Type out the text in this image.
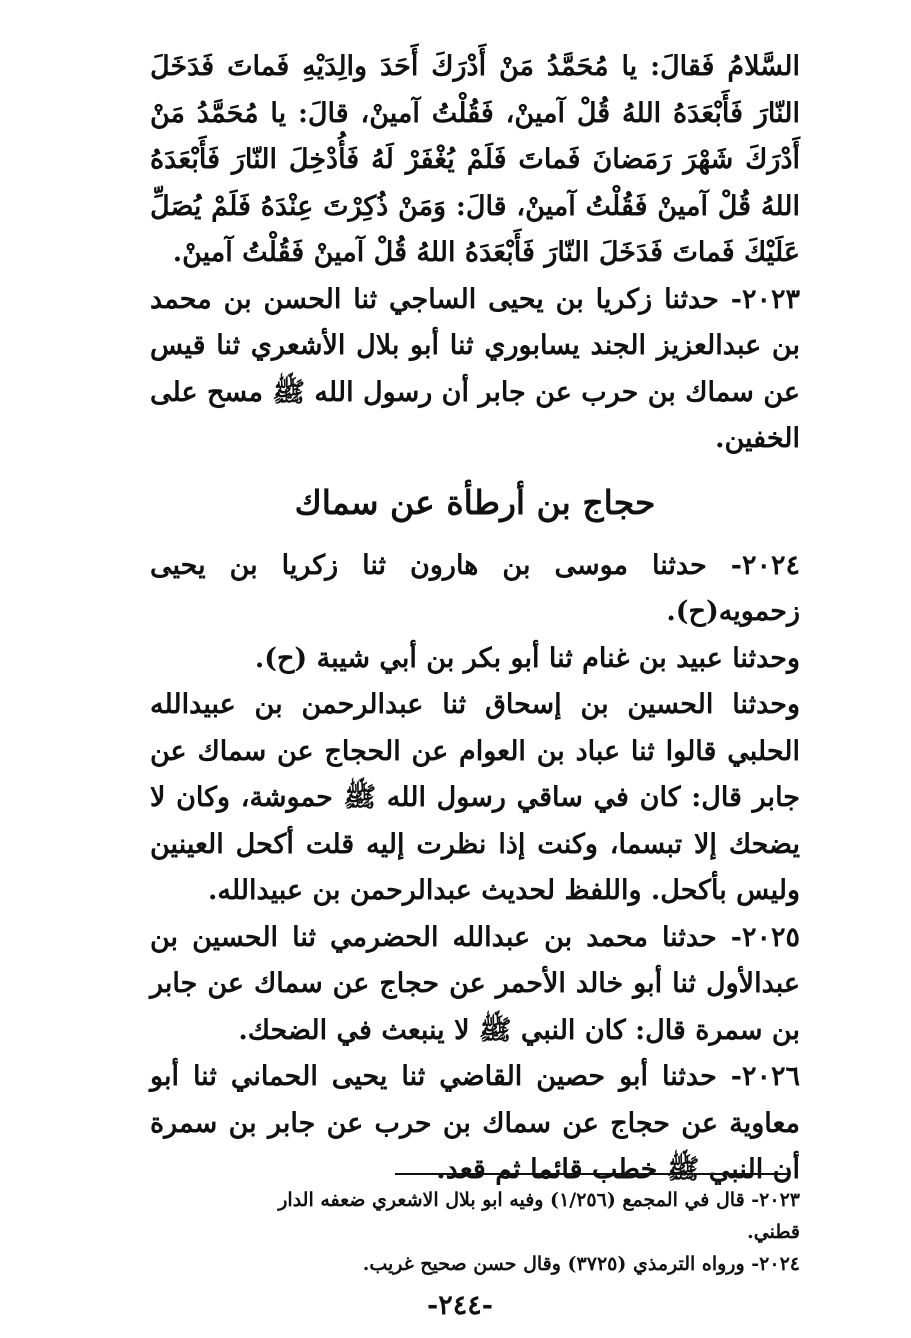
السَّلامُ فَقالَ: يا مُحَمَّدُ مَنْ أَدْرَكَ أَحَدَ والِدَيْهِ فَماتَ فَدَخَلَ النّارَ فَأَبْعَدَهُ اللهُ قُلْ آمينْ، فَقُلْتُ آمينْ، قالَ: يا مُحَمَّدُ مَنْ أَدْرَكَ شَهْرَ رَمَضانَ فَماتَ فَلَمْ يُغْفَرْ لَهُ فَأُدْخِلَ النّارَ فَأَبْعَدَهُ اللهُ قُلْ آمينْ فَقُلْتُ آمينْ، قالَ: وَمَنْ ذُكِرْتَ عِنْدَهُ فَلَمْ يُصَلِّ عَلَيْكَ فَماتَ فَدَخَلَ النّارَ فَأَبْعَدَهُ اللهُ قُلْ آمينْ فَقُلْتُ آمينْ.

٢٠٢٣- حدثنا زكريا بن يحيى الساجي ثنا الحسن بن محمد بن عبدالعزيز الجند يسابوري ثنا أبو بلال الأشعري ثنا قيس عن سماك بن حرب عن جابر أن رسول الله ﷺ مسح على الخفين.

حجاج بن أرطأة عن سماك

٢٠٢٤- حدثنا موسى بن هارون ثنا زكريا بن يحيى زحمويه(ح).

وحدثنا عبيد بن غنام ثنا أبو بكر بن أبي شيبة (ح).

وحدثنا الحسين بن إسحاق ثنا عبدالرحمن بن عبيدالله الحلبي قالوا ثنا عباد بن العوام عن الحجاج عن سماك عن جابر قال: كان في ساقي رسول الله ﷺ حموشة، وكان لا يضحك إلا تبسما، وكنت إذا نظرت إليه قلت أكحل العينين وليس بأكحل. واللفظ لحديث عبدالرحمن بن عبيدالله.

٢٠٢٥- حدثنا محمد بن عبدالله الحضرمي ثنا الحسين بن عبدالأول ثنا أبو خالد الأحمر عن حجاج عن سماك عن جابر بن سمرة قال: كان النبي ﷺ لا ينبعث في الضحك.

٢٠٢٦- حدثنا أبو حصين القاضي ثنا يحيى الحماني ثنا أبو معاوية عن حجاج عن سماك بن حرب عن جابر بن سمرة أن النبي ﷺ خطب قائما ثم قعد.

٢٠٢٣- قال في المجمع (١/٢٥٦) وفيه ابو بلال الاشعري ضعفه الدار قطني.

٢٠٢٤- ورواه الترمذي (٣٧٢٥) وقال حسن صحيح غريب.

-٢٤٤-
